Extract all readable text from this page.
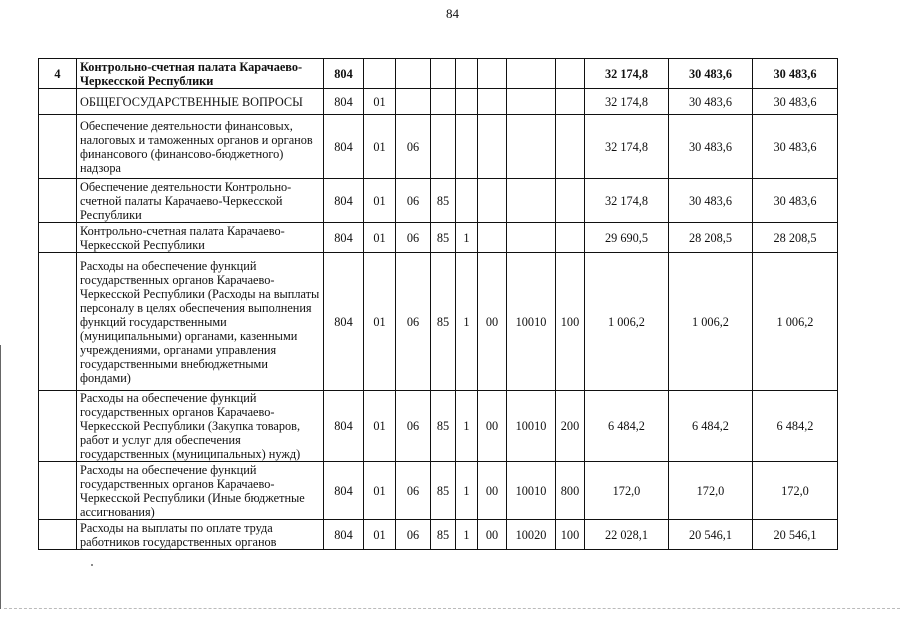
84
4	Контрольно-счетная палата Карачаево-Черкесской Республики	804								32 174,8	30 483,6	30 483,6
	ОБЩЕГОСУДАРСТВЕННЫЕ ВОПРОСЫ	804	01							32 174,8	30 483,6	30 483,6
	Обеспечение деятельности финансовых, налоговых и таможенных органов и органов финансового (финансово-бюджетного) надзора	804	01	06						32 174,8	30 483,6	30 483,6
	Обеспечение деятельности Контрольно-счетной палаты Карачаево-Черкесской Республики	804	01	06	85					32 174,8	30 483,6	30 483,6
	Контрольно-счетная палата Карачаево-Черкесской Республики	804	01	06	85	1				29 690,5	28 208,5	28 208,5
	Расходы на обеспечение функций государственных органов Карачаево-Черкесской Республики (Расходы на выплаты персоналу в целях обеспечения выполнения функций государственными (муниципальными) органами, казенными учреждениями, органами управления государственными внебюджетными фондами)	804	01	06	85	1	00	10010	100	1 006,2	1 006,2	1 006,2
	Расходы на обеспечение функций государственных органов Карачаево-Черкесской Республики (Закупка товаров, работ и услуг для обеспечения государственных (муниципальных) нужд)	804	01	06	85	1	00	10010	200	6 484,2	6 484,2	6 484,2
	Расходы на обеспечение функций государственных органов Карачаево-Черкесской Республики (Иные бюджетные ассигнования)	804	01	06	85	1	00	10010	800	172,0	172,0	172,0
	Расходы на выплаты по оплате труда работников государственных органов	804	01	06	85	1	00	10020	100	22 028,1	20 546,1	20 546,1
